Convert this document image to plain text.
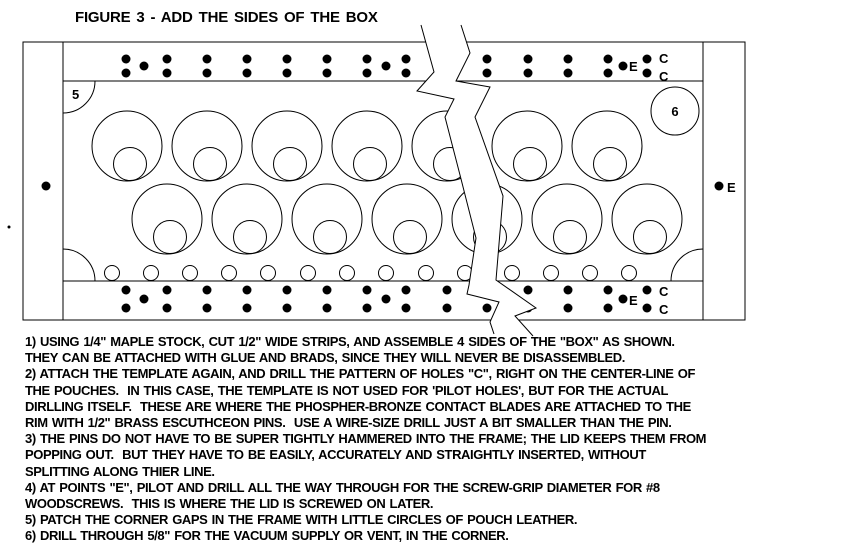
5
6
E
C
C
E
C
C
E
FIGURE 3 - ADD THE SIDES OF THE BOX
1) USING 1/4" MAPLE STOCK, CUT 1/2" WIDE STRIPS, AND ASSEMBLE 4 SIDES OF THE "BOX" AS SHOWN.
THEY CAN BE ATTACHED WITH GLUE AND BRADS, SINCE THEY WILL NEVER BE DISASSEMBLED.
2) ATTACH THE TEMPLATE AGAIN, AND DRILL THE PATTERN OF HOLES "C", RIGHT ON THE CENTER-LINE OF
THE POUCHES.  IN THIS CASE, THE TEMPLATE IS NOT USED FOR 'PILOT HOLES', BUT FOR THE ACTUAL
DIRLLING ITSELF.  THESE ARE WHERE THE PHOSPHER-BRONZE CONTACT BLADES ARE ATTACHED TO THE
RIM WITH 1/2" BRASS ESCUTHCEON PINS.  USE A WIRE-SIZE DRILL JUST A BIT SMALLER THAN THE PIN.
3) THE PINS DO NOT HAVE TO BE SUPER TIGHTLY HAMMERED INTO THE FRAME; THE LID KEEPS THEM FROM
POPPING OUT.  BUT THEY HAVE TO BE EASILY, ACCURATELY AND STRAIGHTLY INSERTED, WITHOUT
SPLITTING ALONG THIER LINE.
4) AT POINTS "E", PILOT AND DRILL ALL THE WAY THROUGH FOR THE SCREW-GRIP DIAMETER FOR #8
WOODSCREWS.  THIS IS WHERE THE LID IS SCREWED ON LATER.
5) PATCH THE CORNER GAPS IN THE FRAME WITH LITTLE CIRCLES OF POUCH LEATHER.
6) DRILL THROUGH 5/8" FOR THE VACUUM SUPPLY OR VENT, IN THE CORNER.
